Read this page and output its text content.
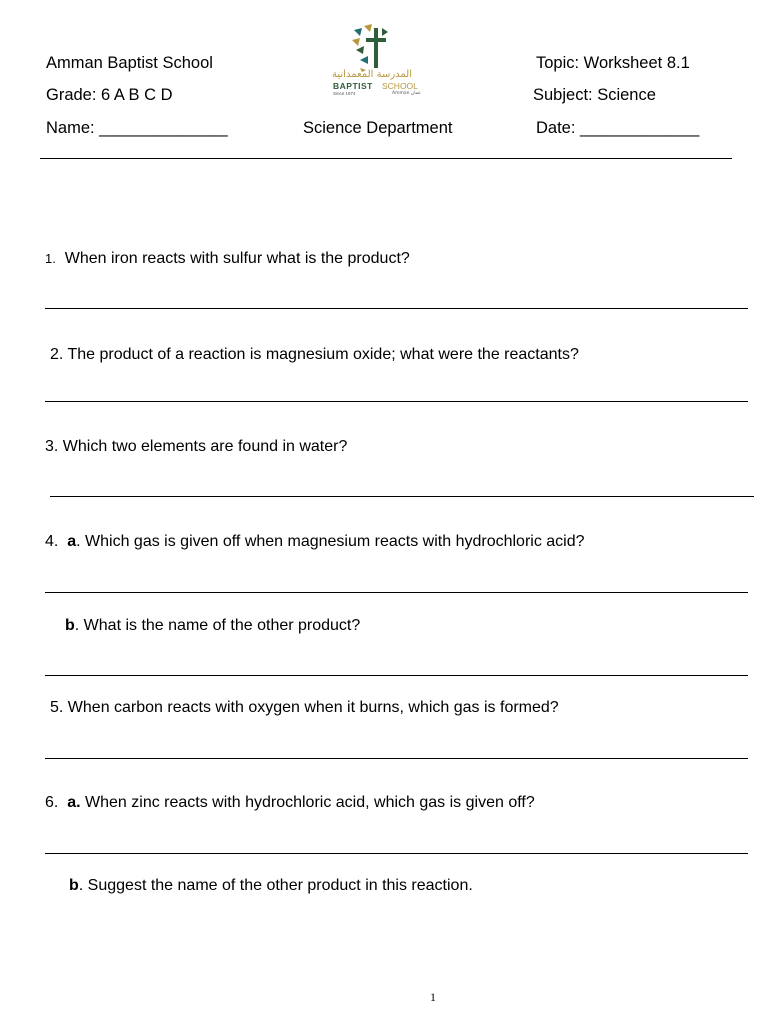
Amman Baptist School
Grade: 6 A B C D
Name: ______________	Science Department
Topic: Worksheet 8.1
Subject: Science
Date: _____________
المدرسة المعمدانية
BAPTIST SCHOOL
Since 1974	Amman عمان
1. When iron reacts with sulfur what is the product?
2. The product of a reaction is magnesium oxide; what were the reactants?
3. Which two elements are found in water?
4. a. Which gas is given off when magnesium reacts with hydrochloric acid?
b. What is the name of the other product?
5. When carbon reacts with oxygen when it burns, which gas is formed?
6. a. When zinc reacts with hydrochloric acid, which gas is given off?
b. Suggest the name of the other product in this reaction.
1
